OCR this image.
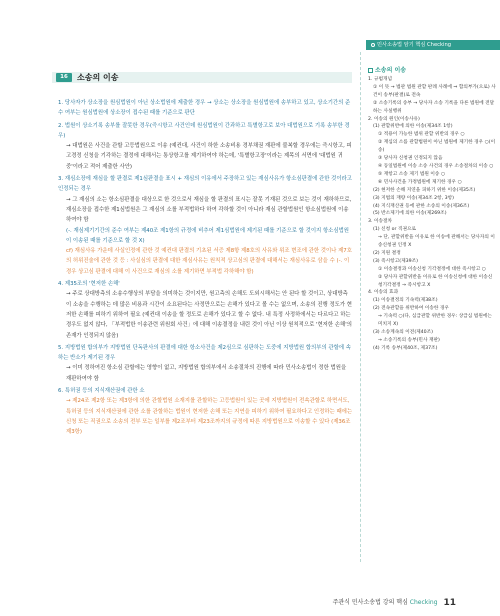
민사소송법 암기 핵심 Checking
16	소송의 이송
1. 당사자가 상소장을 원심법원이 아닌 상소법원에 제출한 경우 → 상소는 상소장을 원심법원에 송부하고 있고, 상소기간의 준수 여부는 원심법원에 상소장이 접수된 때를 기준으로 판단
2. 법원이 상소기록 송부를 잘못한 경우(즉시항고 사건인데 원심법원이 간과하고 특별항고로 보아 대법원으로 기록 송부한 경우)
→ 대법원은 사건을 관할 고등법원으로 이송 (예컨대, 사건이 하한 소송비용 경부채권 재판에 불복할 경우에는 즉시항고, 피고경정 신청을 기각하는 결정에 대해서는 통상항고를 제기하여야 하는데, '특별항고장'이라는 제목의 서면에 '대법원 귀중'이라고 적어 제출한 사안)
3. 재심소장에 재심을 할 판결로 제1심판결을 표시 + 재심의 이유에서 주장하고 있는 재심사유가 항소심판결에 관한 것이라고 인정되는 경우
→ 그 재심의 소는 항소심판결을 대상으로 한 것으로서 재심을 할 판결의 표시는 잘못 기재된 것으로 보는 것이 재하하므로, 재심소장을 접수한 제1심법원은 그 재심의 소를 부적법하다 하여 각하할 것이 아니라 재심 관할법원인 항소심법원에 이송하여야 함
(-. 재심제기기간의 준수 여부는 제40조 제1항의 규정에 비추어 제1심법원에 제기된 때를 기준으로 할 것이지 항소심법원이 이송된 때를 기준으로 할 것 X)
cf) 재심사유 가운데 사실인정에 관한 것 예컨대 판결의 기초된 서증 제8항 제8호의 사유와 위조 변조에 관한 것이나 제7호의 허위진술에 관한 것 등 : 사실심의 판결에 대한 재심사유는 원칙적 상고심의 판결에 대해서는 재심사유로 삼을 수 (-. 이 경우 상고심 판결에 대해 이 사건으로 재심의 소를 제기하면 부적법 각하해야 함)
4. 제35조의 '현저한 손해'
→ 주로 상대방측의 소송수행상의 부담을 의미하는 것이지만, 원고측의 손해도 도외시해서는 안 된다 할 것이고, 상대방측이 소송을 수행하는 데 많은 비용과 시간이 소요된다는 사정만으로는 손해가 있다고 볼 수는 없으며, 소송의 진행 정도가 현저한 손해를 피하기 위하여 필요 (예컨대 이송을 할 정도로 손해가 있다고 할 수 없다. 내 특정 사정하에서는 다르다고 하는 경우도 없지 않다, 「부적법한 이송관련 위원회 사건」에 대해 이송결정을 내린 것이 아닌 이상 원칙적으로 '현저한 손해'의 존재가 인정되지 않음)
5. 지방법원 합의부가 지방법원 단독판사의 판결에 대한 항소사건을 제2심으로 심판하는 도중에 지방법원 합의부의 관할에 속하는 반소가 제기된 경우
→ 이미 정하여진 항소심 관할에는 영향이 없고, 지방법원 합의부에서 소송절차의 진행에 따라 민사소송법이 정한 법원을 재판하여야 함
6. 특허권 등의 지식재산권에 관한 소
→ 제24조 제2항 또는 제3항에 의한 관할법원 소재지를 관할하는 고등법원이 있는 곳에 지방법원이 전속관할로 하면서도, 특허권 등의 지식재산권에 관한 소를 관할하는 법원이 현저한 손해 또는 지연을 피하기 위하여 필요하다고 인정하는 때에는 신청 또는 직권으로 소송의 전부 또는 일부를 제2조부터 제23조까지의 규정에 따른 지방법원으로 이송할 수 있다 (제36조 제3항)
소송의 이송
1. 규범개념
① 이 뜻 → 법관 법원 관할 판례 사례에 ⇒ 합의부가(으로) 사건이 송부(판결)로 전속
② 소송기록의 송부 → 당사자 소송 기록을 다른 법원에 전달하는 사실행위
2. 이송의 원인(이송사유)
(1) 관할위반에 의한 이송(제34조 1항)
① 적용이 가능한 범위 관할 위반의 경우 ○
② 재심의 소를 관할법원이 아닌 법원에 제기한 경우 ○(이송)
③ 당사자 신청권 인정되지 않음
④ 동일법원에 이송 소송 사건의 경우 소송절차의 이송 ○
⑤ 재항고 소송 제기 법원 이송 ○
⑥ 민사사건을 가정법원에 제기한 경우 ○
(2) 현저한 손해 지연을 피하기 위한 이송(제35조)
(3) 지법의 재량 이송(제34조 2항, 3항)
(4) 지식재산권 등에 관한 소송의 이송(제36조)
(5) 반소제기에 의한 이송(제269조)
3. 이송절차
(1) 신청 or 직권으로
→ 단, 관할위반을 이유로 한 이송에 관해서는 당사자의 이송신청권 인정 X
(2) 지원 결정
(3) 즉시항고(제39조)
① 이송결정과 이송신청 기각결정에 대한 즉시항고 ○
② 당사자 관할위반을 이유로 한 이송신청에 대한 이송신청기각결정 → 즉시항고 X
4. 이송의 효과
(1) 이송결정의 기속력(제38조)
(2) 전속관할을 위반하여 이송한 경우
→ 기속력 ○(다, 심급관할 위반한 경우: 상급심 법원에는 미치지 X)
(3) 소송계속의 이전(제40조)
→ 소송기록의 송부(민사 재판)
(4) 기록 송부(제40조, 제37조)
주관식 민사소송법 강의 핵심 Checking 11
